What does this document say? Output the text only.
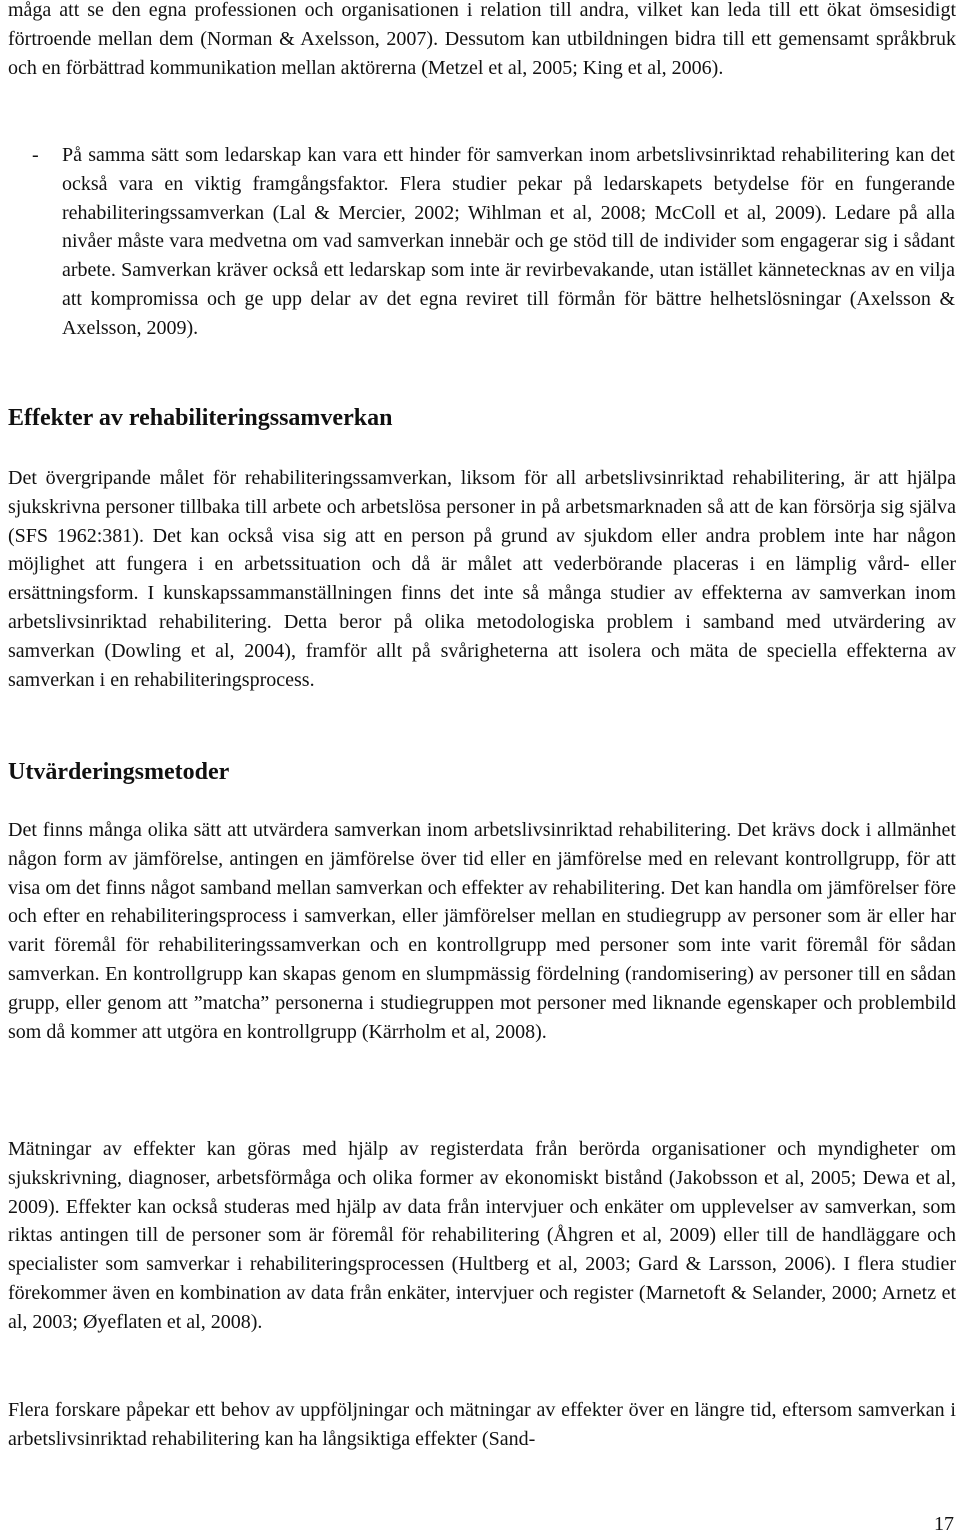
måga att se den egna professionen och organisationen i relation till andra, vilket kan leda till ett ökat ömsesidigt förtroende mellan dem (Norman & Axelsson, 2007). Dessutom kan utbildningen bidra till ett gemensamt språkbruk och en förbättrad kommunikation mellan aktörerna (Metzel et al, 2005; King et al, 2006).

- På samma sätt som ledarskap kan vara ett hinder för samverkan inom arbetslivsinriktad rehabilitering kan det också vara en viktig framgångsfaktor. Flera studier pekar på ledarskapets betydelse för en fungerande rehabiliteringssamverkan (Lal & Mercier, 2002; Wihlman et al, 2008; McColl et al, 2009). Ledare på alla nivåer måste vara medvetna om vad samverkan innebär och ge stöd till de individer som engagerar sig i sådant arbete. Samverkan kräver också ett ledarskap som inte är revirbevakande, utan istället kännetecknas av en vilja att kompromissa och ge upp delar av det egna reviret till förmån för bättre helhetslösningar (Axelsson & Axelsson, 2009).

Effekter av rehabiliteringssamverkan

Det övergripande målet för rehabiliteringssamverkan, liksom för all arbetslivsinriktad rehabilitering, är att hjälpa sjukskrivna personer tillbaka till arbete och arbetslösa personer in på arbetsmarknaden så att de kan försörja sig själva (SFS 1962:381). Det kan också visa sig att en person på grund av sjukdom eller andra problem inte har någon möjlighet att fungera i en arbetssituation och då är målet att vederbörande placeras i en lämplig vård- eller ersättningsform. I kunskapssammanställningen finns det inte så många studier av effekterna av samverkan inom arbetslivsinriktad rehabilitering. Detta beror på olika metodologiska problem i samband med utvärdering av samverkan (Dowling et al, 2004), framför allt på svårigheterna att isolera och mäta de speciella effekterna av samverkan i en rehabiliteringsprocess.

Utvärderingsmetoder

Det finns många olika sätt att utvärdera samverkan inom arbetslivsinriktad rehabilitering. Det krävs dock i allmänhet någon form av jämförelse, antingen en jämförelse över tid eller en jämförelse med en relevant kontrollgrupp, för att visa om det finns något samband mellan samverkan och effekter av rehabilitering. Det kan handla om jämförelser före och efter en rehabiliteringsprocess i samverkan, eller jämförelser mellan en studiegrupp av personer som är eller har varit föremål för rehabiliteringssamverkan och en kontrollgrupp med personer som inte varit föremål för sådan samverkan. En kontrollgrupp kan skapas genom en slumpmässig fördelning (randomisering) av personer till en sådan grupp, eller genom att ”matcha” personerna i studiegruppen mot personer med liknande egenskaper och problembild som då kommer att utgöra en kontrollgrupp (Kärrholm et al, 2008).

Mätningar av effekter kan göras med hjälp av registerdata från berörda organisationer och myndigheter om sjukskrivning, diagnoser, arbetsförmåga och olika former av ekonomiskt bistånd (Jakobsson et al, 2005; Dewa et al, 2009). Effekter kan också studeras med hjälp av data från intervjuer och enkäter om upplevelser av samverkan, som riktas antingen till de personer som är föremål för rehabilitering (Åhgren et al, 2009) eller till de handläggare och specialister som samverkar i rehabiliteringsprocessen (Hultberg et al, 2003; Gard & Larsson, 2006). I flera studier förekommer även en kombination av data från enkäter, intervjuer och register (Marnetoft & Selander, 2000; Arnetz et al, 2003; Øyeflaten et al, 2008).

Flera forskare påpekar ett behov av uppföljningar och mätningar av effekter över en längre tid, eftersom samverkan i arbetslivsinriktad rehabilitering kan ha långsiktiga effekter (Sand-

17
